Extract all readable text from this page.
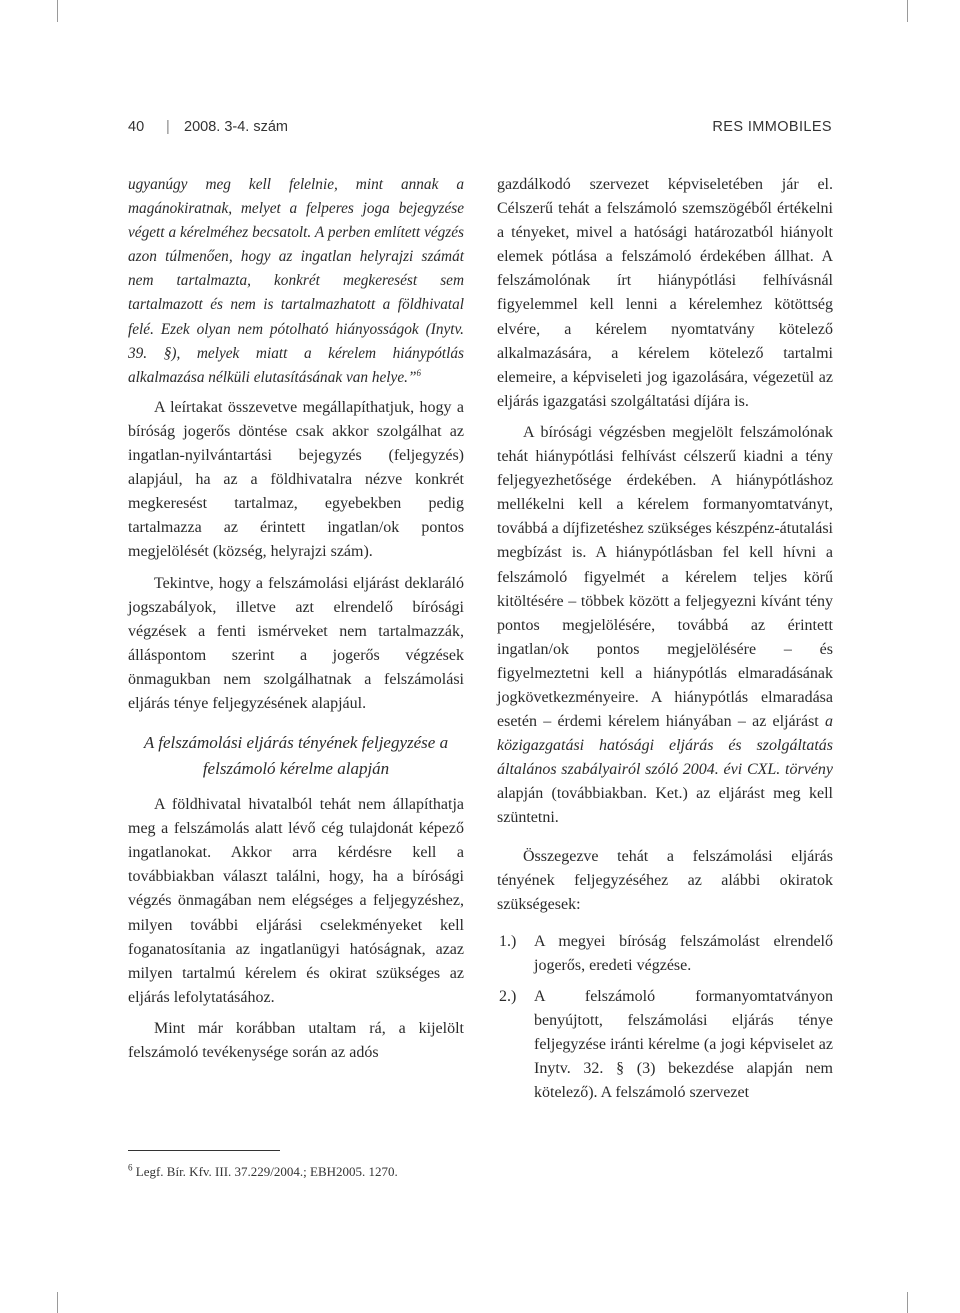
40 | 2008. 3-4. szám	RES IMMOBILES

ugyanúgy meg kell felelnie, mint annak a magánokiratnak, melyet a felperes joga bejegyzése végett a kérelméhez becsatolt. A perben említett végzés azon túlmenően, hogy az ingatlan helyrajzi számát nem tartalmazta, konkrét megkeresést sem tartalmazott és nem is tartalmazhatott a földhivatal felé. Ezek olyan nem pótolható hiányosságok (Inytv. 39. §), melyek miatt a kérelem hiánypótlás alkalmazása nélküli elutasításának van helye.”$^6$

A leírtakat összevetve megállapíthatjuk, hogy a bíróság jogerős döntése csak akkor szolgálhat az ingatlan-nyilvántartási bejegyzés (feljegyzés) alapjául, ha az a földhivatalra nézve konkrét megkeresést tartalmaz, egyebekben pedig tartalmazza az érintett ingatlan/ok pontos megjelölését (község, helyrajzi szám).

Tekintve, hogy a felszámolási eljárást deklaráló jogszabályok, illetve azt elrendelő bírósági végzések a fenti ismérveket nem tartalmazzák, álláspontom szerint a jogerős végzések önmagukban nem szolgálhatnak a felszámolási eljárás ténye feljegyzésének alapjául.

A felszámolási eljárás tényének feljegyzése a
felszámoló kérelme alapján

A földhivatal hivatalból tehát nem állapíthatja meg a felszámolás alatt lévő cég tulajdonát képező ingatlanokat. Akkor arra kérdésre kell a továbbiakban választ találni, hogy, ha a bírósági végzés önmagában nem elégséges a feljegyzéshez, milyen további eljárási cselekményeket kell foganatosítania az ingatlanügyi hatóságnak, azaz milyen tartalmú kérelem és okirat szükséges az eljárás lefolytatásához.

Mint már korábban utaltam rá, a kijelölt felszámoló tevékenysége során az adós

gazdálkodó szervezet képviseletében jár el. Célszerű tehát a felszámoló szemszögéből értékelni a tényeket, mivel a hatósági határozatból hiányolt elemek pótlása a felszámoló érdekében állhat. A felszámolónak írt hiánypótlási felhívásnál figyelemmel kell lenni a kérelemhez kötöttség elvére, a kérelem nyomtatvány kötelező alkalmazására, a kérelem kötelező tartalmi elemeire, a képviseleti jog igazolására, végezetül az eljárás igazgatási szolgáltatási díjára is.

A bírósági végzésben megjelölt felszámolónak tehát hiánypótlási felhívást célszerű kiadni a tény feljegyezhetősége érdekében. A hiánypótláshoz mellékelni kell a kérelem formanyomtatványt, továbbá a díjfizetéshez szükséges készpénz-átutalási megbízást is. A hiánypótlásban fel kell hívni a felszámoló figyelmét a kérelem teljes körű kitöltésére – többek között a feljegyezni kívánt tény pontos megjelölésére, továbbá az érintett ingatlan/ok pontos megjelölésére – és figyelmeztetni kell a hiánypótlás elmaradásának jogkövetkezményeire. A hiánypótlás elmaradása esetén – érdemi kérelem hiányában – az eljárást a közigazgatási hatósági eljárás és szolgáltatás általános szabályairól szóló 2004. évi CXL. törvény alapján (továbbiakban. Ket.) az eljárást meg kell szüntetni.

Összegezve tehát a felszámolási eljárás tényének feljegyzéséhez az alábbi okiratok szükségesek:

1.) A megyei bíróság felszámolást elrendelő jogerős, eredeti végzése.
2.) A felszámoló formanyomtatványon benyújtott, felszámolási eljárás ténye feljegyzése iránti kérelme (a jogi képviselet az Inytv. 32. § (3) bekezdése alapján nem kötelező). A felszámoló szervezet
$^6$ Legf. Bír. Kfv. III. 37.229/2004.; EBH2005. 1270.
